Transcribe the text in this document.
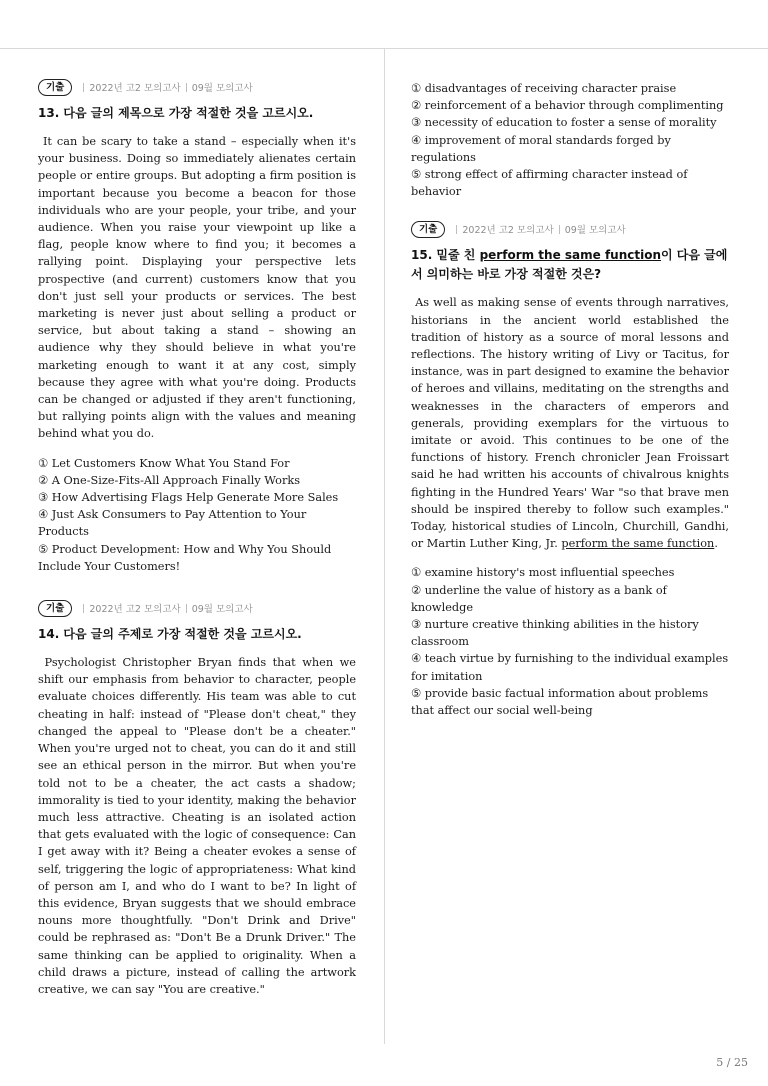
기출	2022년 고2 모의고사 09월 모의고사
13. 다음 글의 제목으로 가장 적절한 것을 고르시오.

It can be scary to take a stand – especially when it's your business. Doing so immediately alienates certain people or entire groups. But adopting a firm position is important because you become a beacon for those individuals who are your people, your tribe, and your audience. When you raise your viewpoint up like a flag, people know where to find you; it becomes a rallying point. Displaying your perspective lets prospective (and current) customers know that you don't just sell your products or services. The best marketing is never just about selling a product or service, but about taking a stand – showing an audience why they should believe in what you're marketing enough to want it at any cost, simply because they agree with what you're doing. Products can be changed or adjusted if they aren't functioning, but rallying points align with the values and meaning behind what you do.

① Let Customers Know What You Stand For
② A One-Size-Fits-All Approach Finally Works
③ How Advertising Flags Help Generate More Sales
④ Just Ask Consumers to Pay Attention to Your Products
⑤ Product Development: How and Why You Should Include Your Customers!
기출	2022년 고2 모의고사 09월 모의고사
14. 다음 글의 주제로 가장 적절한 것을 고르시오.

Psychologist Christopher Bryan finds that when we shift our emphasis from behavior to character, people evaluate choices differently. His team was able to cut cheating in half: instead of "Please don't cheat," they changed the appeal to "Please don't be a cheater." When you're urged not to cheat, you can do it and still see an ethical person in the mirror. But when you're told not to be a cheater, the act casts a shadow; immorality is tied to your identity, making the behavior much less attractive. Cheating is an isolated action that gets evaluated with the logic of consequence: Can I get away with it? Being a cheater evokes a sense of self, triggering the logic of appropriateness: What kind of person am I, and who do I want to be? In light of this evidence, Bryan suggests that we should embrace nouns more thoughtfully. "Don't Drink and Drive" could be rephrased as: "Don't Be a Drunk Driver." The same thinking can be applied to originality. When a child draws a picture, instead of calling the artwork creative, we can say "You are creative."

① disadvantages of receiving character praise
② reinforcement of a behavior through complimenting
③ necessity of education to foster a sense of morality
④ improvement of moral standards forged by regulations
⑤ strong effect of affirming character instead of behavior
기출	2022년 고2 모의고사 09월 모의고사
15. 밑줄 친 perform the same function이 다음 글에서 의미하는 바로 가장 적절한 것은?

As well as making sense of events through narratives, historians in the ancient world established the tradition of history as a source of moral lessons and reflections. The history writing of Livy or Tacitus, for instance, was in part designed to examine the behavior of heroes and villains, meditating on the strengths and weaknesses in the characters of emperors and generals, providing exemplars for the virtuous to imitate or avoid. This continues to be one of the functions of history. French chronicler Jean Froissart said he had written his accounts of chivalrous knights fighting in the Hundred Years' War "so that brave men should be inspired thereby to follow such examples." Today, historical studies of Lincoln, Churchill, Gandhi, or Martin Luther King, Jr. perform the same function.

① examine history's most influential speeches
② underline the value of history as a bank of knowledge
③ nurture creative thinking abilities in the history classroom
④ teach virtue by furnishing to the individual examples for imitation
⑤ provide basic factual information about problems that affect our social well-being
5 / 25
